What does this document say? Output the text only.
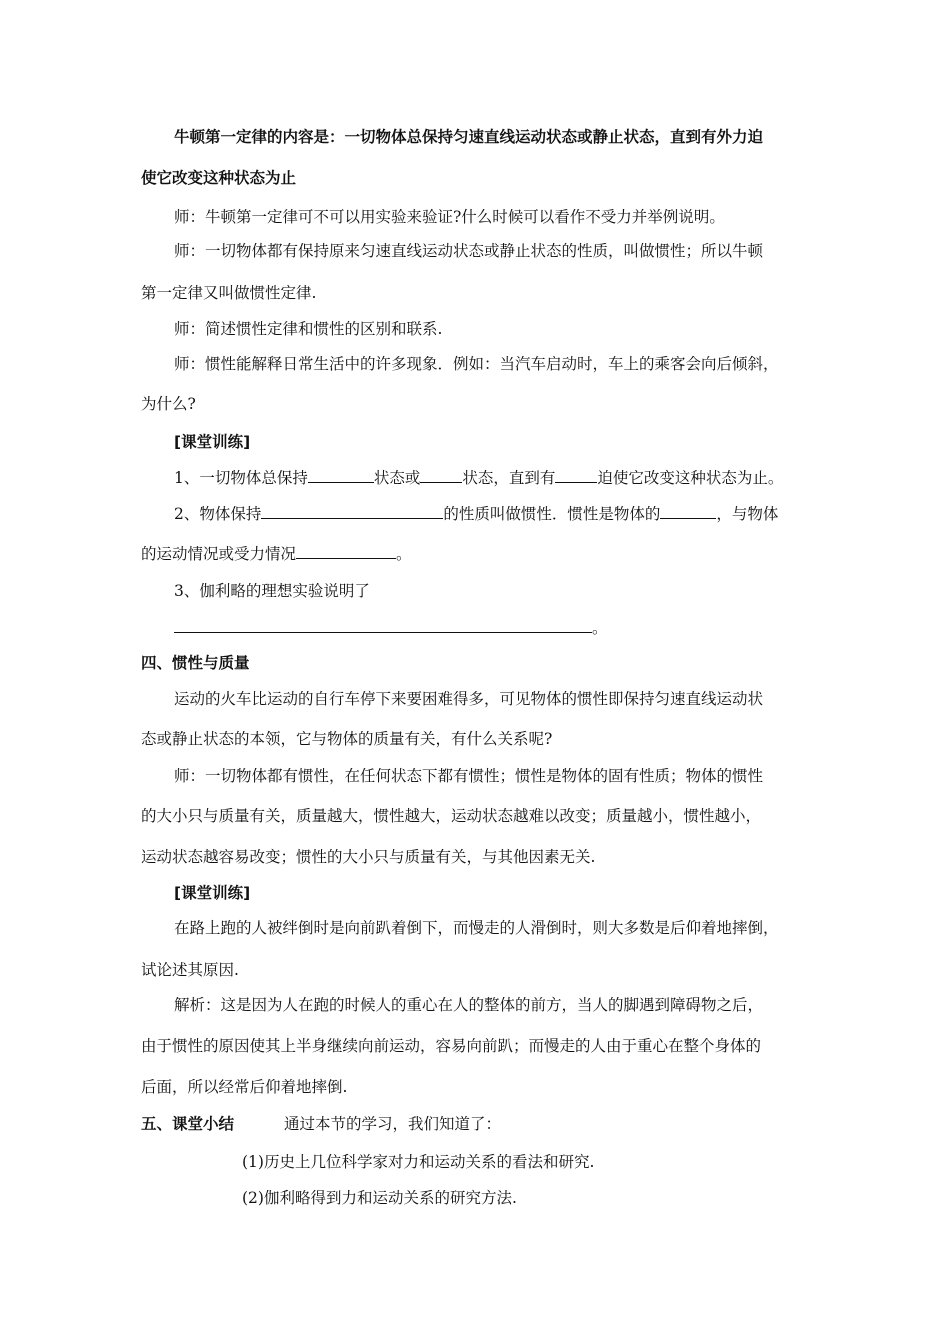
牛顿第一定律的内容是：一切物体总保持匀速直线运动状态或静止状态，直到有外力迫
使它改变这种状态为止
师：牛顿第一定律可不可以用实验来验证?什么时候可以看作不受力并举例说明。
师：一切物体都有保持原来匀速直线运动状态或静止状态的性质，叫做惯性；所以牛顿
第一定律又叫做惯性定律.
师：简述惯性定律和惯性的区别和联系.
师：惯性能解释日常生活中的许多现象．例如：当汽车启动时，车上的乘客会向后倾斜，
为什么?
[课堂训练]
1、一切物体总保持	状态或	状态，直到有	迫使它改变这种状态为止。
2、物体保持	的性质叫做惯性．惯性是物体的	，与物体
的运动情况或受力情况	。
3、伽利略的理想实验说明了
。
四、惯性与质量
运动的火车比运动的自行车停下来要困难得多，可见物体的惯性即保持匀速直线运动状
态或静止状态的本领，它与物体的质量有关，有什么关系呢?
师：一切物体都有惯性，在任何状态下都有惯性；惯性是物体的固有性质；物体的惯性
的大小只与质量有关，质量越大，惯性越大，运动状态越难以改变；质量越小，惯性越小，
运动状态越容易改变；惯性的大小只与质量有关，与其他因素无关.
[课堂训练]
在路上跑的人被绊倒时是向前趴着倒下，而慢走的人滑倒时，则大多数是后仰着地摔倒，
试论述其原因.
解析：这是因为人在跑的时候人的重心在人的整体的前方，当人的脚遇到障碍物之后，
由于惯性的原因使其上半身继续向前运动，容易向前趴；而慢走的人由于重心在整个身体的
后面，所以经常后仰着地摔倒.
五、课堂小结	通过本节的学习，我们知道了：
(1)历史上几位科学家对力和运动关系的看法和研究.
(2)伽利略得到力和运动关系的研究方法.
